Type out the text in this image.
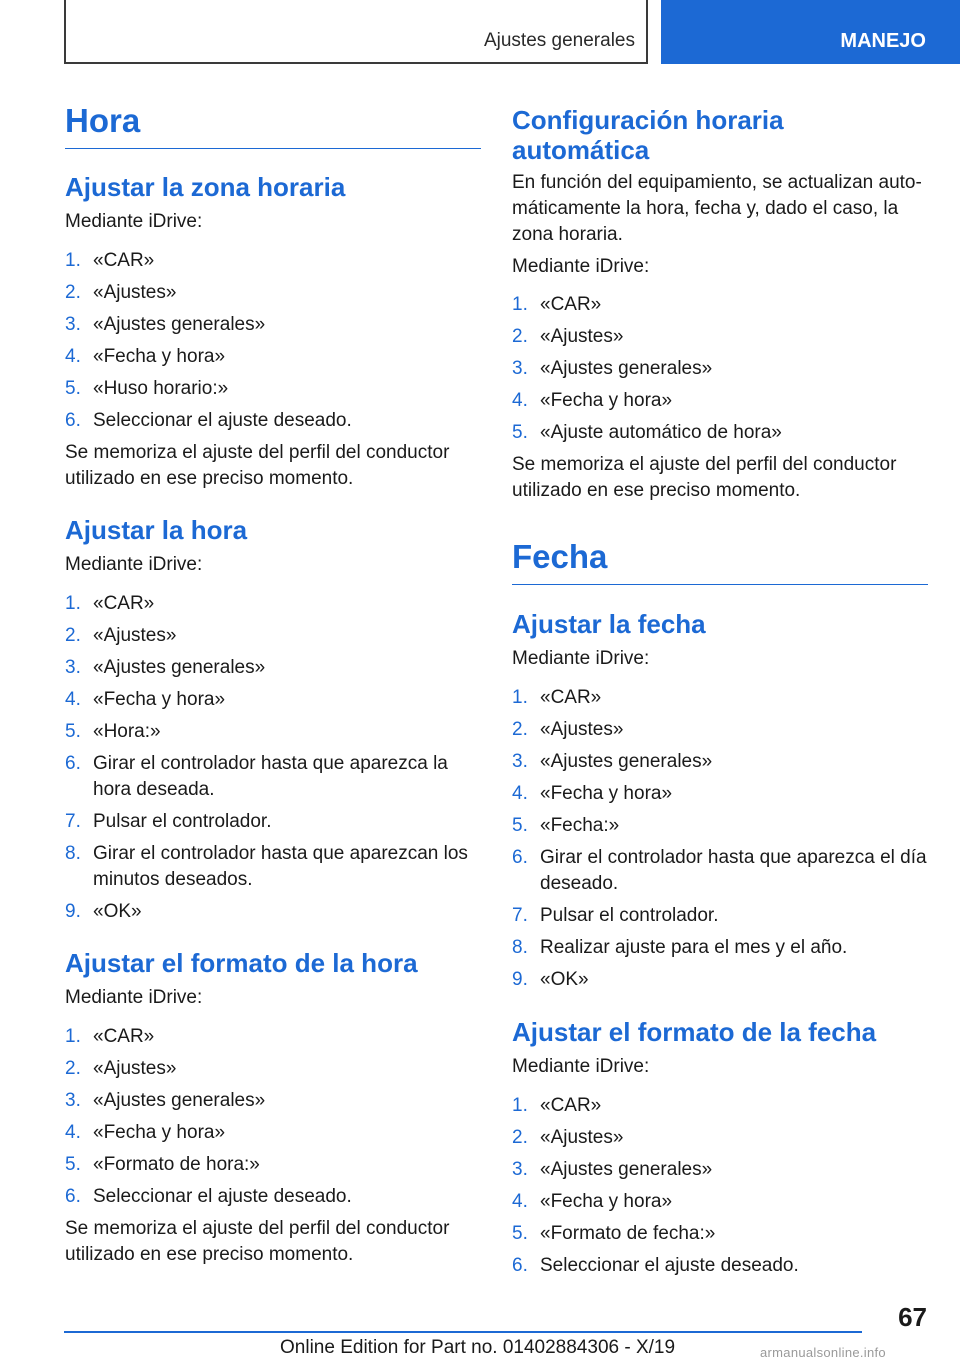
Ajustes generales	MANEJO
Hora
Ajustar la zona horaria
Mediante iDrive:
1. «CAR»
2. «Ajustes»
3. «Ajustes generales»
4. «Fecha y hora»
5. «Huso horario:»
6. Seleccionar el ajuste deseado.
Se memoriza el ajuste del perfil del conductor
utilizado en ese preciso momento.
Ajustar la hora
Mediante iDrive:
1. «CAR»
2. «Ajustes»
3. «Ajustes generales»
4. «Fecha y hora»
5. «Hora:»
6. Girar el controlador hasta que aparezca la
hora deseada.
7. Pulsar el controlador.
8. Girar el controlador hasta que aparezcan los
minutos deseados.
9. «OK»
Ajustar el formato de la hora
Mediante iDrive:
1. «CAR»
2. «Ajustes»
3. «Ajustes generales»
4. «Fecha y hora»
5. «Formato de hora:»
6. Seleccionar el ajuste deseado.
Se memoriza el ajuste del perfil del conductor
utilizado en ese preciso momento.
Configuración horaria
automática
En función del equipamiento, se actualizan auto‐
máticamente la hora, fecha y, dado el caso, la
zona horaria.
Mediante iDrive:
1. «CAR»
2. «Ajustes»
3. «Ajustes generales»
4. «Fecha y hora»
5. «Ajuste automático de hora»
Se memoriza el ajuste del perfil del conductor
utilizado en ese preciso momento.
Fecha
Ajustar la fecha
Mediante iDrive:
1. «CAR»
2. «Ajustes»
3. «Ajustes generales»
4. «Fecha y hora»
5. «Fecha:»
6. Girar el controlador hasta que aparezca el día
deseado.
7. Pulsar el controlador.
8. Realizar ajuste para el mes y el año.
9. «OK»
Ajustar el formato de la fecha
Mediante iDrive:
1. «CAR»
2. «Ajustes»
3. «Ajustes generales»
4. «Fecha y hora»
5. «Formato de fecha:»
6. Seleccionar el ajuste deseado.
67
Online Edition for Part no. 01402884306 - X/19	armanualsonline.info
